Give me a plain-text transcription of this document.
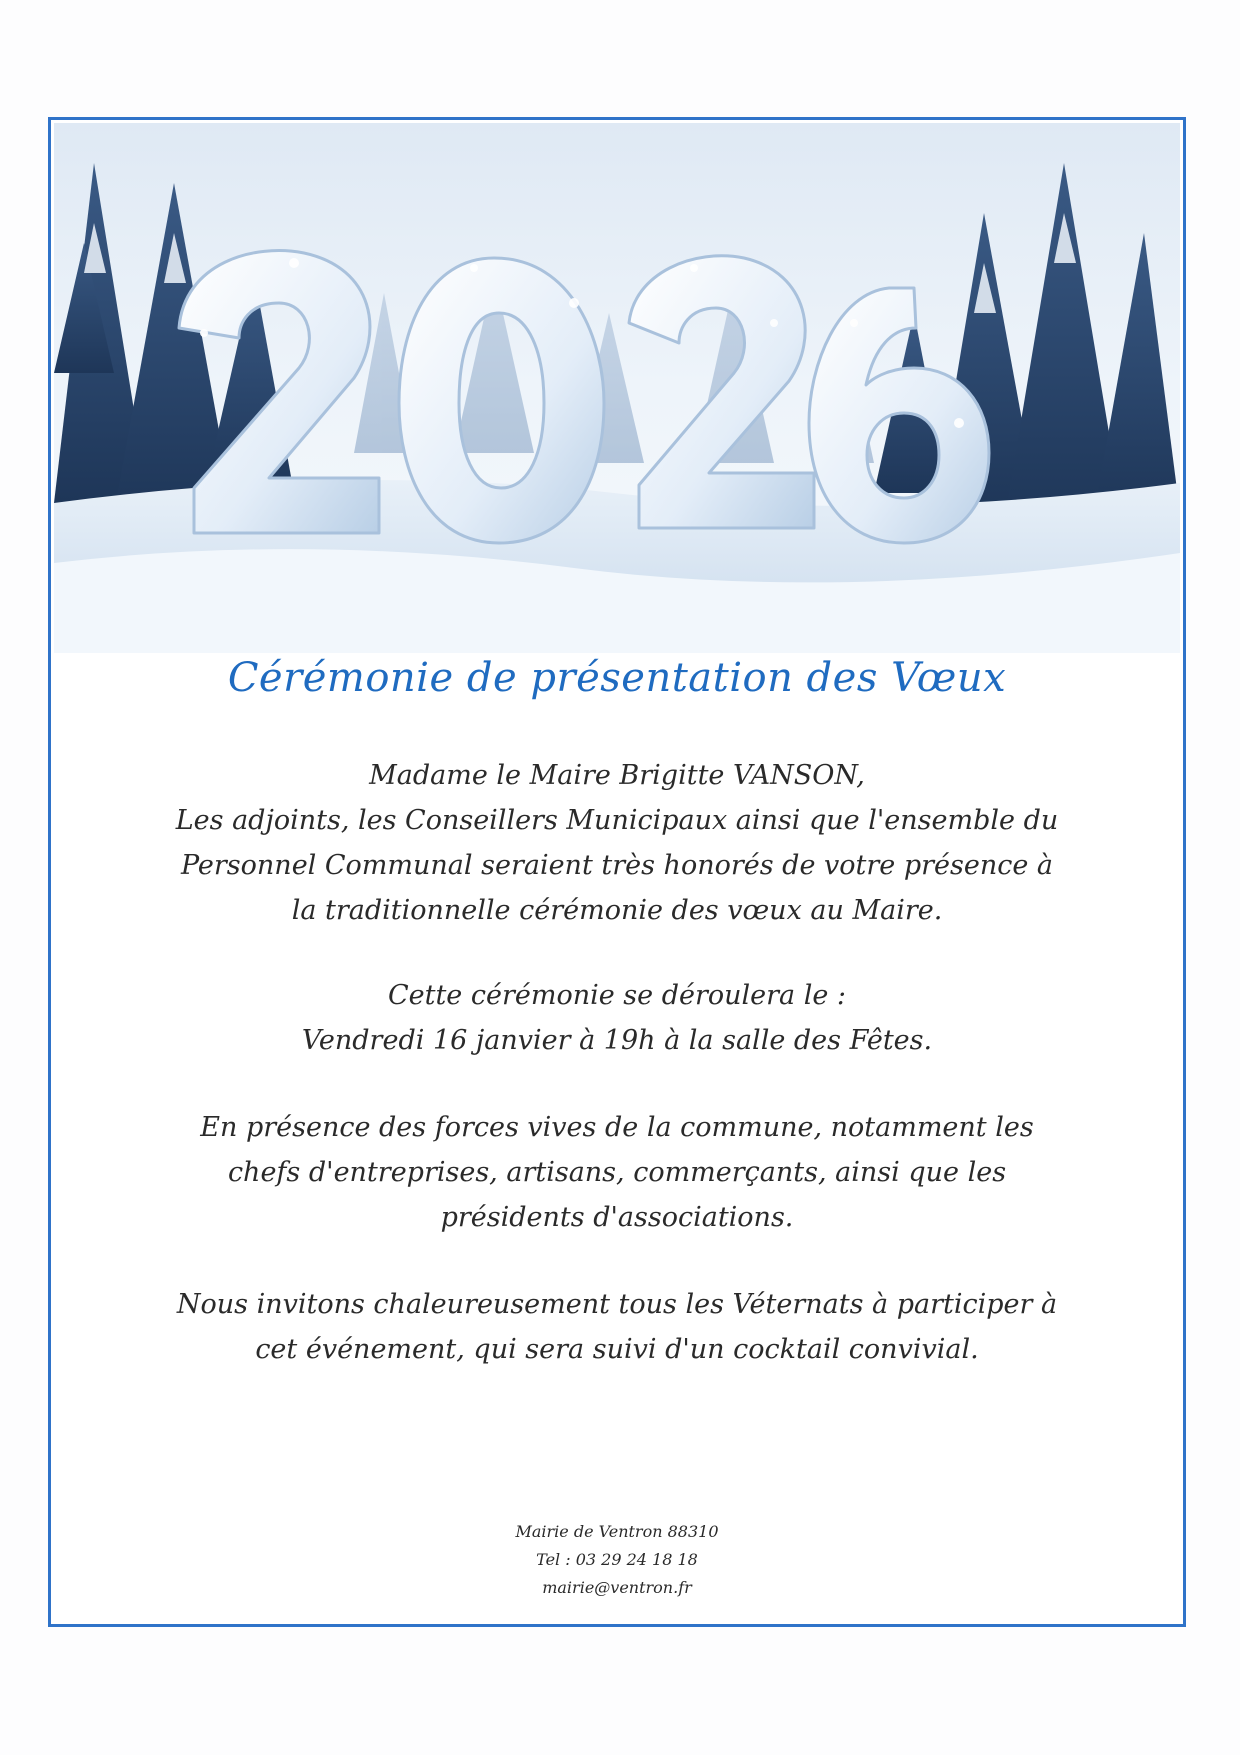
Cérémonie de présentation des Vœux
Madame le Maire Brigitte VANSON,
Les adjoints, les Conseillers Municipaux ainsi que l'ensemble du
Personnel Communal seraient très honorés de votre présence à
la traditionnelle cérémonie des vœux au Maire.
Cette cérémonie se déroulera le :
Vendredi 16 janvier à 19h à la salle des Fêtes.
En présence des forces vives de la commune, notamment les
chefs d'entreprises, artisans, commerçants, ainsi que les
présidents d'associations.
Nous invitons chaleureusement tous les Véternats à participer à
cet événement, qui sera suivi d'un cocktail convivial.
Mairie de Ventron 88310
Tel : 03 29 24 18 18
mairie@ventron.fr
